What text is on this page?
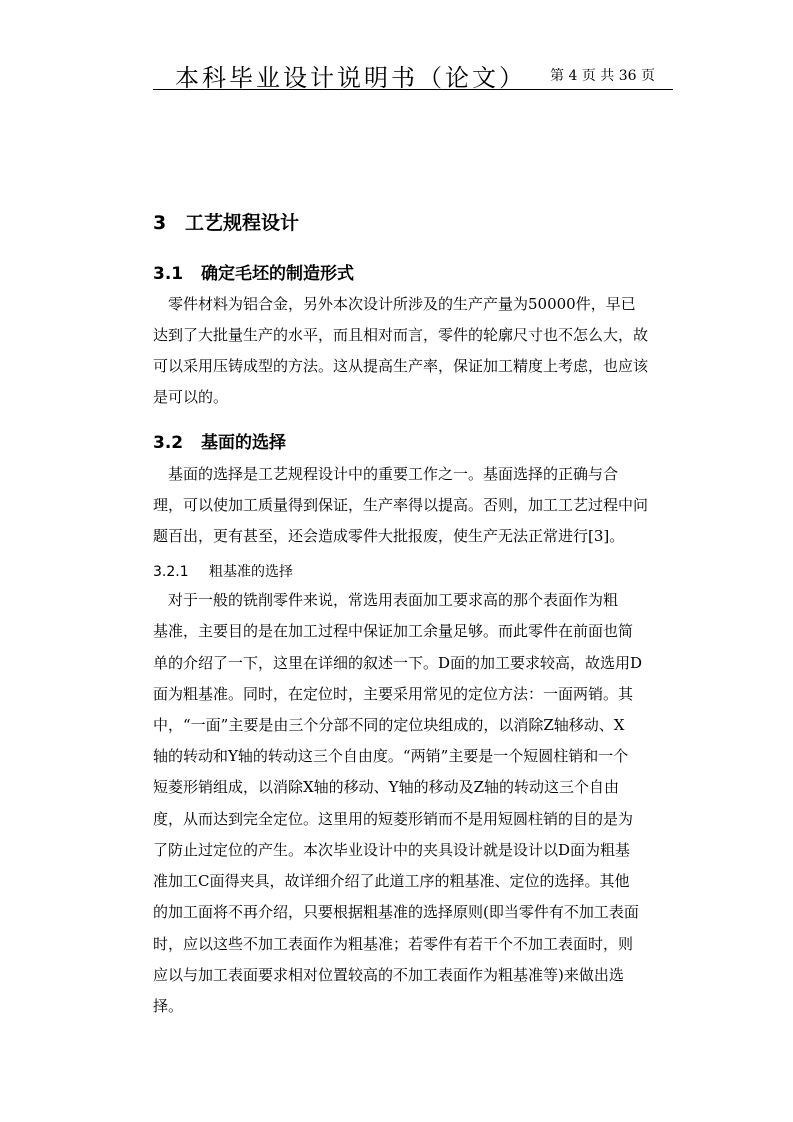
本科毕业设计说明书（论文） 第 4 页 共 36 页
3 工艺规程设计
3.1 确定毛坯的制造形式
　零件材料为铝合金，另外本次设计所涉及的生产产量为50000件，早已
达到了大批量生产的水平，而且相对而言，零件的轮廓尺寸也不怎么大，故
可以采用压铸成型的方法。这从提高生产率，保证加工精度上考虑，也应该
是可以的。
3.2 基面的选择
　基面的选择是工艺规程设计中的重要工作之一。基面选择的正确与合
理，可以使加工质量得到保证，生产率得以提高。否则，加工工艺过程中问
题百出，更有甚至，还会造成零件大批报废，使生产无法正常进行[3]。
3.2.1 粗基准的选择
　对于一般的铣削零件来说，常选用表面加工要求高的那个表面作为粗
基准，主要目的是在加工过程中保证加工余量足够。而此零件在前面也简
单的介绍了一下，这里在详细的叙述一下。D面的加工要求较高，故选用D
面为粗基准。同时，在定位时，主要采用常见的定位方法：一面两销。其
中，“一面”主要是由三个分部不同的定位块组成的，以消除Z轴移动、X
轴的转动和Y轴的转动这三个自由度。“两销”主要是一个短圆柱销和一个
短菱形销组成，以消除X轴的移动、Y轴的移动及Z轴的转动这三个自由
度，从而达到完全定位。这里用的短菱形销而不是用短圆柱销的目的是为
了防止过定位的产生。本次毕业设计中的夹具设计就是设计以D面为粗基
准加工C面得夹具，故详细介绍了此道工序的粗基准、定位的选择。其他
的加工面将不再介绍，只要根据粗基准的选择原则(即当零件有不加工表面
时，应以这些不加工表面作为粗基准；若零件有若干个不加工表面时，则
应以与加工表面要求相对位置较高的不加工表面作为粗基准等)来做出选
择。
